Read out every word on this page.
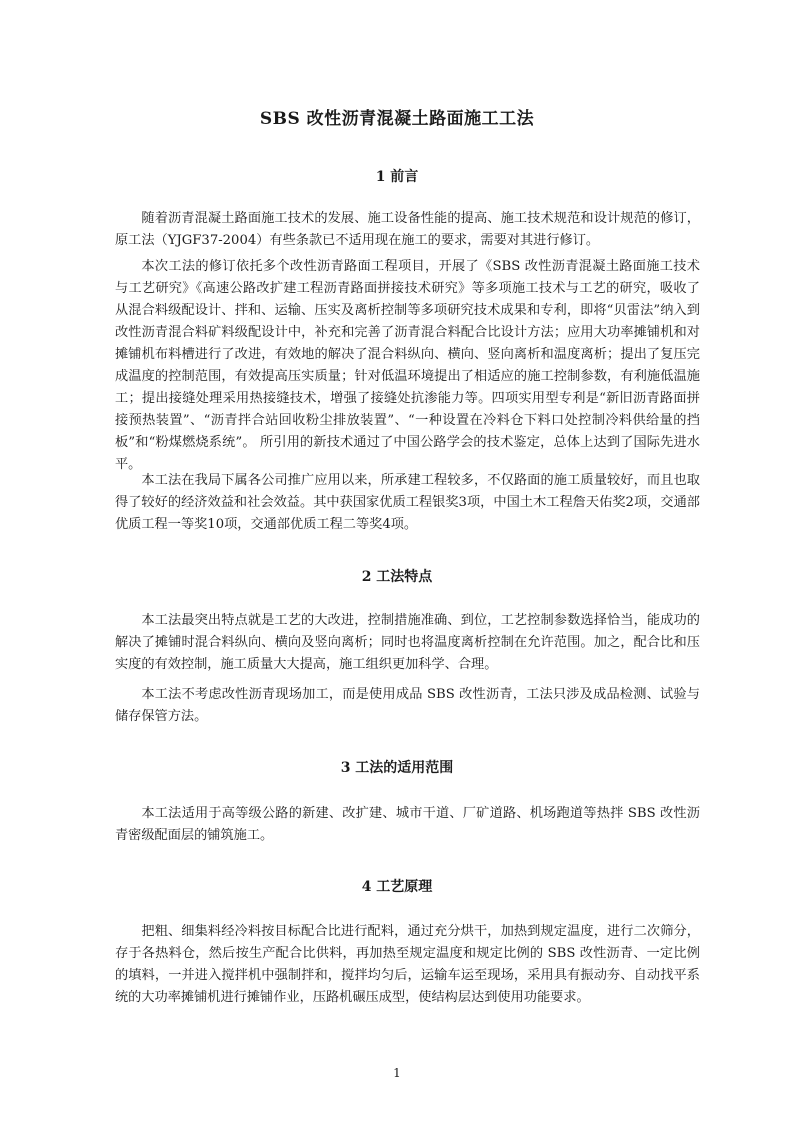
SBS 改性沥青混凝土路面施工工法
1 前言

随着沥青混凝土路面施工技术的发展、施工设备性能的提高、施工技术规范和设计规范的修订，原工法（YJGF37-2004）有些条款已不适用现在施工的要求，需要对其进行修订。

本次工法的修订依托多个改性沥青路面工程项目，开展了《SBS 改性沥青混凝土路面施工技术与工艺研究》《高速公路改扩建工程沥青路面拼接技术研究》等多项施工技术与工艺的研究，吸收了从混合料级配设计、拌和、运输、压实及离析控制等多项研究技术成果和专利，即将“贝雷法”纳入到改性沥青混合料矿料级配设计中，补充和完善了沥青混合料配合比设计方法；应用大功率摊铺机和对摊铺机布料槽进行了改进，有效地的解决了混合料纵向、横向、竖向离析和温度离析；提出了复压完成温度的控制范围，有效提高压实质量；针对低温环境提出了相适应的施工控制参数，有利施低温施工；提出接缝处理采用热接缝技术，增强了接缝处抗渗能力等。四项实用型专利是“新旧沥青路面拼接预热装置”、“沥青拌合站回收粉尘排放装置”、“一种设置在冷料仓下料口处控制冷料供给量的挡板”和“粉煤燃烧系统”。 所引用的新技术通过了中国公路学会的技术鉴定，总体上达到了国际先进水平。

本工法在我局下属各公司推广应用以来，所承建工程较多，不仅路面的施工质量较好，而且也取得了较好的经济效益和社会效益。其中获国家优质工程银奖3项，中国土木工程詹天佑奖2项，交通部优质工程一等奖10项，交通部优质工程二等奖4项。

2 工法特点

本工法最突出特点就是工艺的大改进，控制措施准确、到位，工艺控制参数选择恰当，能成功的解决了摊铺时混合料纵向、横向及竖向离析；同时也将温度离析控制在允许范围。加之，配合比和压实度的有效控制，施工质量大大提高，施工组织更加科学、合理。

本工法不考虑改性沥青现场加工，而是使用成品 SBS 改性沥青，工法只涉及成品检测、试验与储存保管方法。

3 工法的适用范围

本工法适用于高等级公路的新建、改扩建、城市干道、厂矿道路、机场跑道等热拌 SBS 改性沥青密级配面层的铺筑施工。

4 工艺原理

把粗、细集料经冷料按目标配合比进行配料，通过充分烘干，加热到规定温度，进行二次筛分，存于各热料仓，然后按生产配合比供料，再加热至规定温度和规定比例的 SBS 改性沥青、一定比例的填料，一并进入搅拌机中强制拌和，搅拌均匀后，运输车运至现场，采用具有振动夯、自动找平系统的大功率摊铺机进行摊铺作业，压路机碾压成型，使结构层达到使用功能要求。

1
